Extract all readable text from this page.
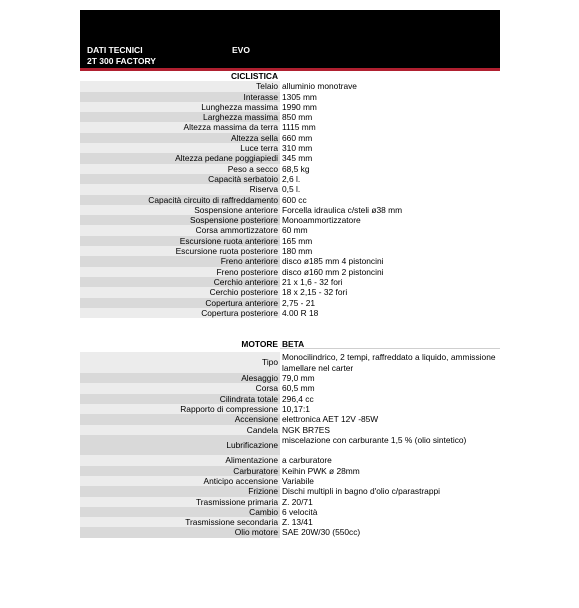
DATI TECNICI
2T 300 FACTORY
EVO
CICLISTICA
Telaio alluminio monotrave
Interasse 1305 mm
Lunghezza massima 1990 mm
Larghezza massima 850 mm
Altezza massima da terra 1115 mm
Altezza sella 660 mm
Luce terra 310 mm
Altezza pedane poggiapiedi 345 mm
Peso a secco 68,5 kg
Capacità serbatoio 2,6 l.
Riserva 0,5 l.
Capacità circuito di raffreddamento 600 cc
Sospensione anteriore Forcella idraulica c/steli ø38 mm
Sospensione posteriore Monoammortizzatore
Corsa ammortizzatore 60 mm
Escursione ruota anteriore 165 mm
Escursione ruota posteriore 180 mm
Freno anteriore disco ø185 mm 4 pistoncini
Freno posteriore disco ø160 mm 2 pistoncini
Cerchio anteriore 21 x 1,6 - 32 fori
Cerchio posteriore 18 x 2,15 - 32 fori
Copertura anteriore 2,75 - 21
Copertura posteriore 4.00 R 18
MOTORE BETA
Tipo Monocilindrico, 2 tempi, raffreddato a liquido, ammissione lamellare nel carter
Alesaggio 79,0 mm
Corsa 60,5 mm
Cilindrata totale 296,4 cc
Rapporto di compressione 10,17:1
Accensione elettronica AET 12V -85W
Candela NGK BR7ES
Lubrificazione miscelazione con carburante 1,5 % (olio sintetico)
Alimentazione a carburatore
Carburatore Keihin PWK ø 28mm
Anticipo accensione Variabile
Frizione Dischi multipli in bagno d'olio c/parastrappi
Trasmissione primaria Z. 20/71
Cambio 6 velocità
Trasmissione secondaria Z. 13/41
Olio motore SAE 20W/30 (550cc)
